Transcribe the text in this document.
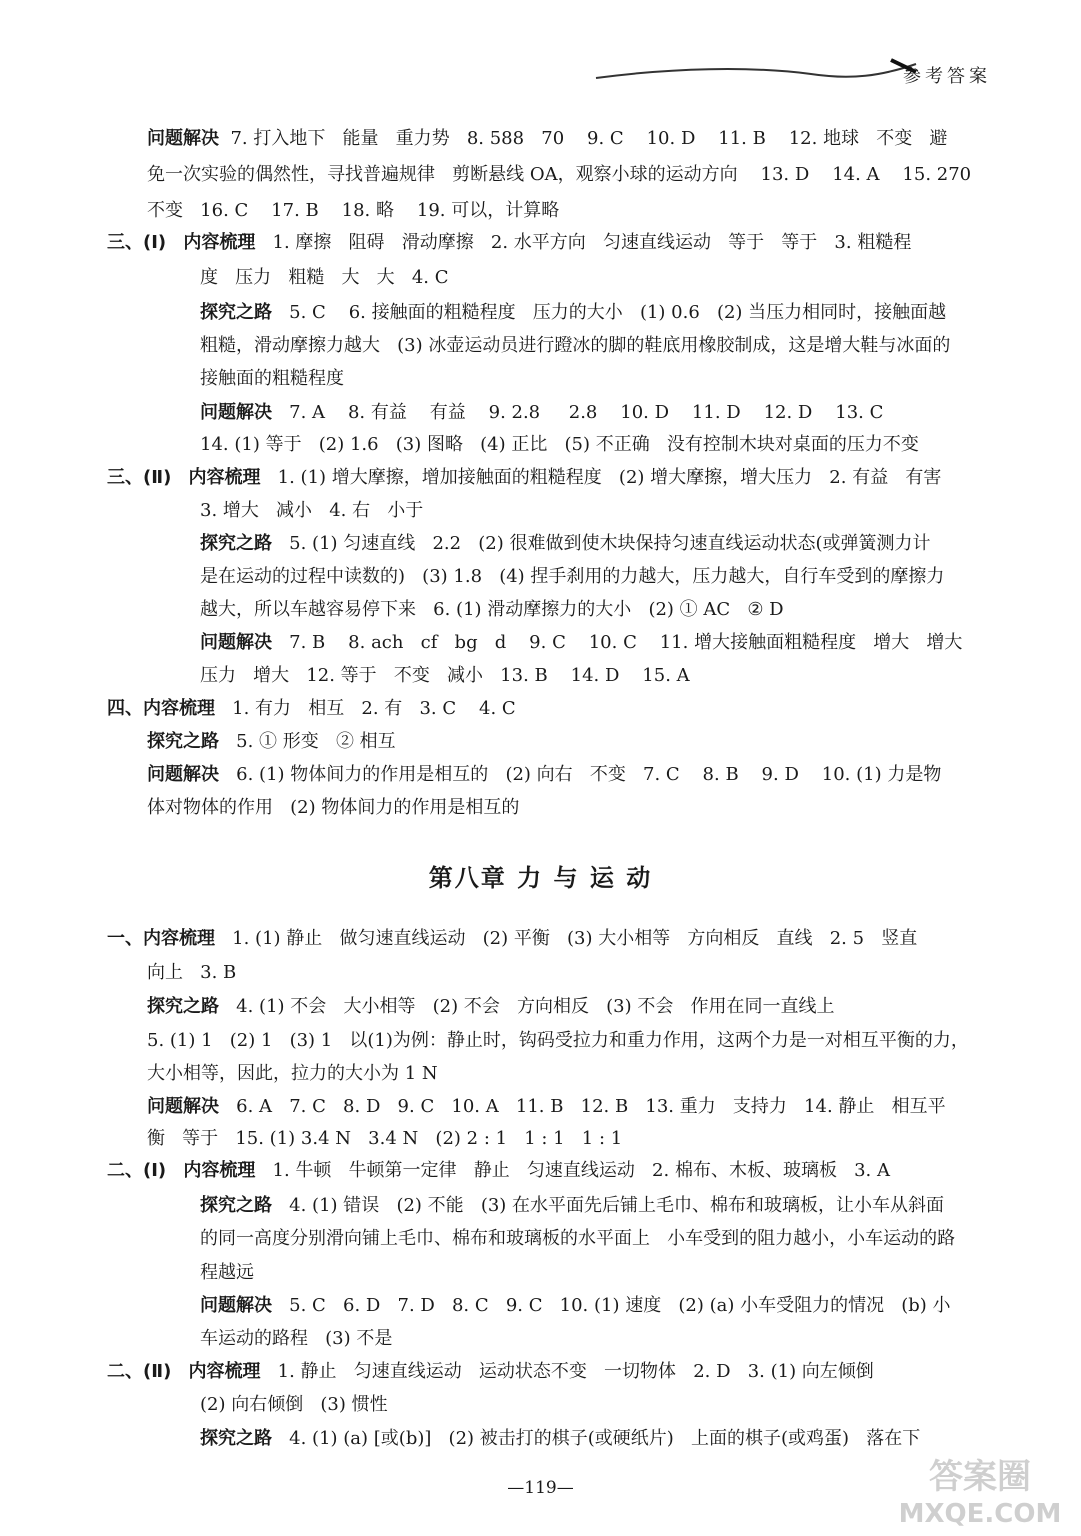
参考答案
问题解决  7. 打入地下   能量   重力势   8. 588   70    9. C    10. D    11. B    12. 地球   不变   避
免一次实验的偶然性，寻找普遍规律   剪断悬线 OA，观察小球的运动方向    13. D    14. A    15. 270
不变   16. C    17. B    18. 略    19. 可以，计算略
三、(Ⅰ) 内容梳理   1. 摩擦   阻碍   滑动摩擦   2. 水平方向   匀速直线运动   等于   等于   3. 粗糙程
度   压力   粗糙   大   大   4. C
探究之路   5. C    6. 接触面的粗糙程度   压力的大小   (1) 0.6   (2) 当压力相同时，接触面越
粗糙，滑动摩擦力越大   (3) 冰壶运动员进行蹬冰的脚的鞋底用橡胶制成，这是增大鞋与冰面的
接触面的粗糙程度
问题解决   7. A    8. 有益    有益    9. 2.8     2.8    10. D    11. D    12. D    13. C
14. (1) 等于   (2) 1.6   (3) 图略   (4) 正比   (5) 不正确   没有控制木块对桌面的压力不变
三、(Ⅱ) 内容梳理   1. (1) 增大摩擦，增加接触面的粗糙程度   (2) 增大摩擦，增大压力   2. 有益   有害
3. 增大   减小   4. 右   小于
探究之路   5. (1) 匀速直线   2.2   (2) 很难做到使木块保持匀速直线运动状态(或弹簧测力计
是在运动的过程中读数的)   (3) 1.8   (4) 捏手刹用的力越大，压力越大，自行车受到的摩擦力
越大，所以车越容易停下来   6. (1) 滑动摩擦力的大小   (2) ① AC   ② D
问题解决   7. B    8. ach   cf   bg   d    9. C    10. C    11. 增大接触面粗糙程度   增大   增大
压力   增大   12. 等于   不变   减小   13. B    14. D    15. A
四、内容梳理   1. 有力   相互   2. 有   3. C    4. C
探究之路   5. ① 形变   ② 相互
问题解决   6. (1) 物体间力的作用是相互的   (2) 向右   不变   7. C    8. B    9. D    10. (1) 力是物
体对物体的作用   (2) 物体间力的作用是相互的
一、内容梳理   1. (1) 静止   做匀速直线运动   (2) 平衡   (3) 大小相等   方向相反   直线   2. 5   竖直
向上   3. B
探究之路   4. (1) 不会   大小相等   (2) 不会   方向相反   (3) 不会   作用在同一直线上
5. (1) 1   (2) 1   (3) 1   以(1)为例：静止时，钩码受拉力和重力作用，这两个力是一对相互平衡的力，
大小相等，因此，拉力的大小为 1 N
问题解决   6. A   7. C   8. D   9. C   10. A   11. B   12. B   13. 重力   支持力   14. 静止   相互平
衡   等于   15. (1) 3.4 N   3.4 N   (2) 2 : 1   1 : 1   1 : 1
二、(Ⅰ) 内容梳理   1. 牛顿   牛顿第一定律   静止   匀速直线运动   2. 棉布、木板、玻璃板   3. A
探究之路   4. (1) 错误   (2) 不能   (3) 在水平面先后铺上毛巾、棉布和玻璃板，让小车从斜面
的同一高度分别滑向铺上毛巾、棉布和玻璃板的水平面上   小车受到的阻力越小，小车运动的路
程越远
问题解决   5. C   6. D   7. D   8. C   9. C   10. (1) 速度   (2) (a) 小车受阻力的情况   (b) 小
车运动的路程   (3) 不是
二、(Ⅱ) 内容梳理   1. 静止   匀速直线运动   运动状态不变   一切物体   2. D   3. (1) 向左倾倒
(2) 向右倾倒   (3) 惯性
探究之路   4. (1) (a) [或(b)]   (2) 被击打的棋子(或硬纸片)   上面的棋子(或鸡蛋)   落在下
第八章 力 与 运 动
—119—	答案圈
MXQE.COM
